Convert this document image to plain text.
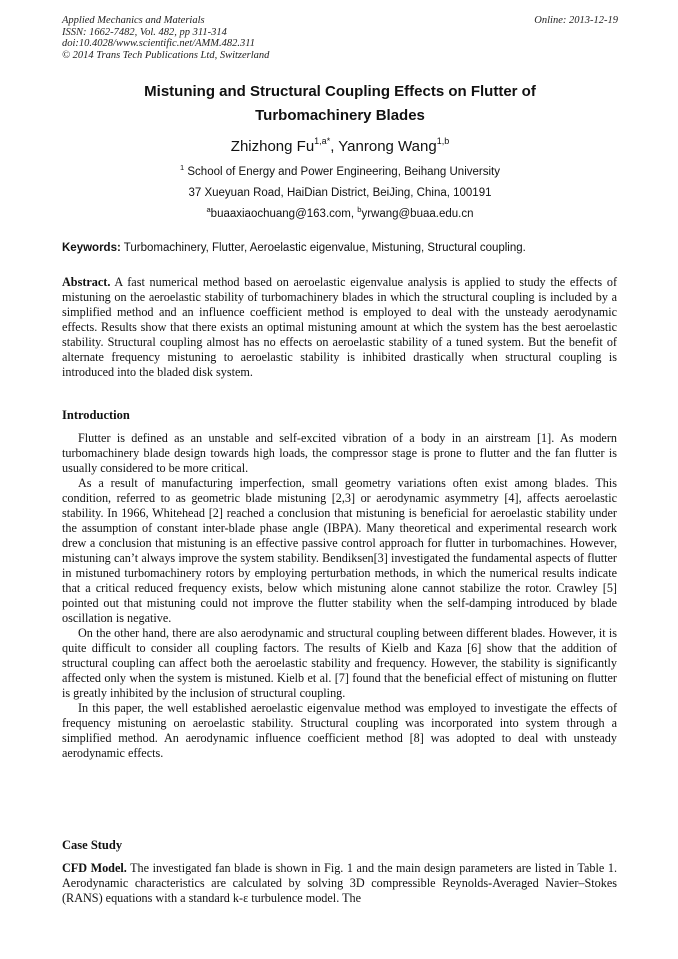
Applied Mechanics and Materials
ISSN: 1662-7482, Vol. 482, pp 311-314
doi:10.4028/www.scientific.net/AMM.482.311
© 2014 Trans Tech Publications Ltd, Switzerland
Online: 2013-12-19
Mistuning and Structural Coupling Effects on Flutter of
Turbomachinery Blades
Zhizhong $Fu^{1,a*}$, Yanrong Wang$^{1,b}$
$^1$ School of Energy and Power Engineering, Beihang University
37 Xueyuan Road, HaiDian District, BeiJing, China, 100191
$^a$buaaxiaochuang@163.com, $^b$yrwang@buaa.edu.cn
Keywords: Turbomachinery, Flutter, Aeroelastic eigenvalue, Mistuning, Structural coupling.

Abstract. A fast numerical method based on aeroelastic eigenvalue analysis is applied to study the effects of mistuning on the aeroelastic stability of turbomachinery blades in which the structural coupling is included by a simplified method and an influence coefficient method is employed to deal with the unsteady aerodynamic effects. Results show that there exists an optimal mistuning amount at which the system has the best aeroelastic stability. Structural coupling almost has no effects on aeroelastic stability of a tuned system. But the benefit of alternate frequency mistuning to aeroelastic stability is inhibited drastically when structural coupling is introduced into the bladed disk system.

Introduction

Flutter is defined as an unstable and self-excited vibration of a body in an airstream [1]. As modern turbomachinery blade design towards high loads, the compressor stage is prone to flutter and the fan flutter is usually considered to be more critical.

As a result of manufacturing imperfection, small geometry variations often exist among blades. This condition, referred to as geometric blade mistuning [2,3] or aerodynamic asymmetry [4], affects aeroelastic stability. In 1966, Whitehead [2] reached a conclusion that mistuning is beneficial for aeroelastic stability under the assumption of constant inter-blade phase angle (IBPA). Many theoretical and experimental research work drew a conclusion that mistuning is an effective passive control approach for flutter in turbomachines. However, mistuning can’t always improve the system stability. Bendiksen[3] investigated the fundamental aspects of flutter in mistuned turbomachinery rotors by employing perturbation methods, in which the numerical results indicate that a critical reduced frequency exists, below which mistuning alone cannot stabilize the rotor. Crawley [5] pointed out that mistuning could not improve the flutter stability when the self-damping introduced by blade oscillation is negative.

On the other hand, there are also aerodynamic and structural coupling between different blades. However, it is quite difficult to consider all coupling factors. The results of Kielb and Kaza [6] show that the addition of structural coupling can affect both the aeroelastic stability and frequency. However, the stability is significantly affected only when the system is mistuned. Kielb et al. [7] found that the beneficial effect of mistuning on flutter is greatly inhibited by the inclusion of structural coupling.

In this paper, the well established aeroelastic eigenvalue method was employed to investigate the effects of frequency mistuning on aeroelastic stability. Structural coupling was incorporated into system through a simplified method. An aerodynamic influence coefficient method [8] was adopted to deal with unsteady aerodynamic effects.

Case Study

CFD Model. The investigated fan blade is shown in Fig. 1 and the main design parameters are listed in Table 1. Aerodynamic characteristics are calculated by solving 3D compressible Reynolds-Averaged Navier–Stokes (RANS) equations with a standard k-ε turbulence model. The
